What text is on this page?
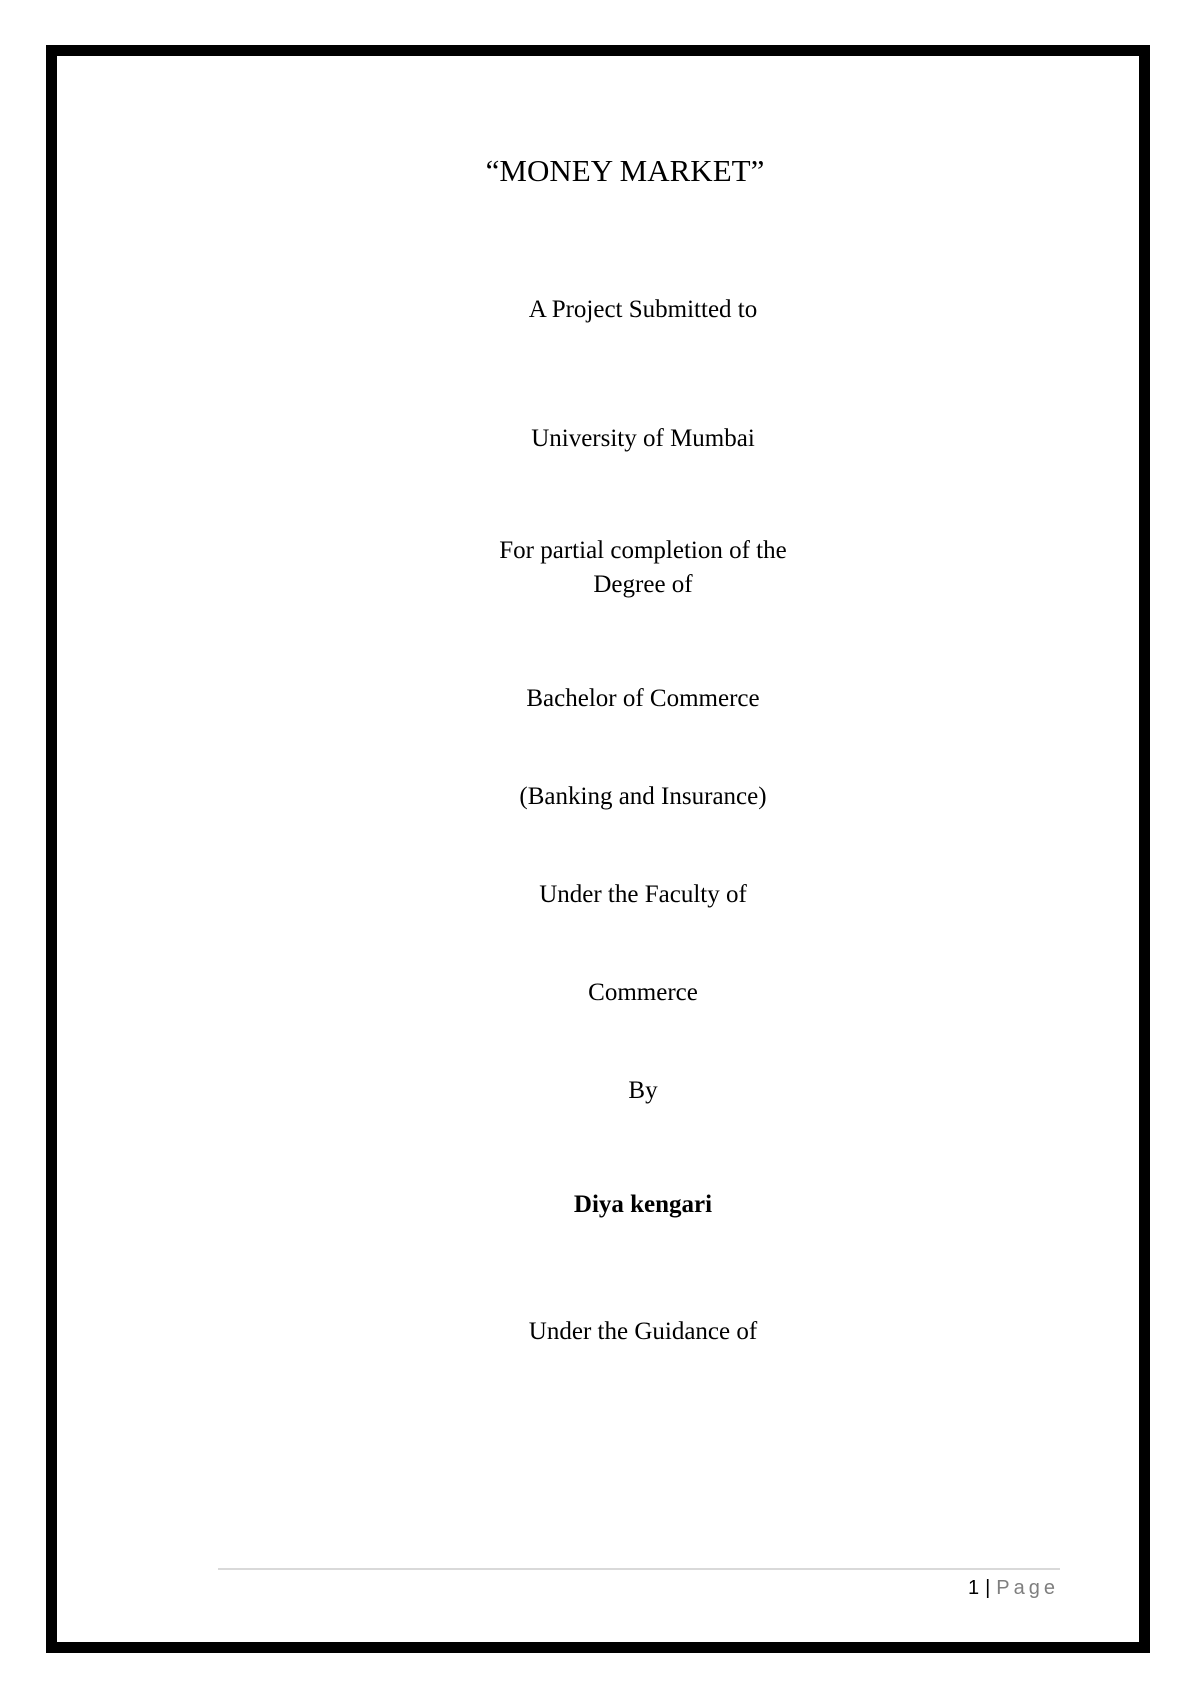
“MONEY MARKET”
A Project Submitted to
University of Mumbai
For partial completion of the
Degree of
Bachelor of Commerce
(Banking and Insurance)
Under the Faculty of
Commerce
By
Diya kengari
Under the Guidance of
1 | Page
